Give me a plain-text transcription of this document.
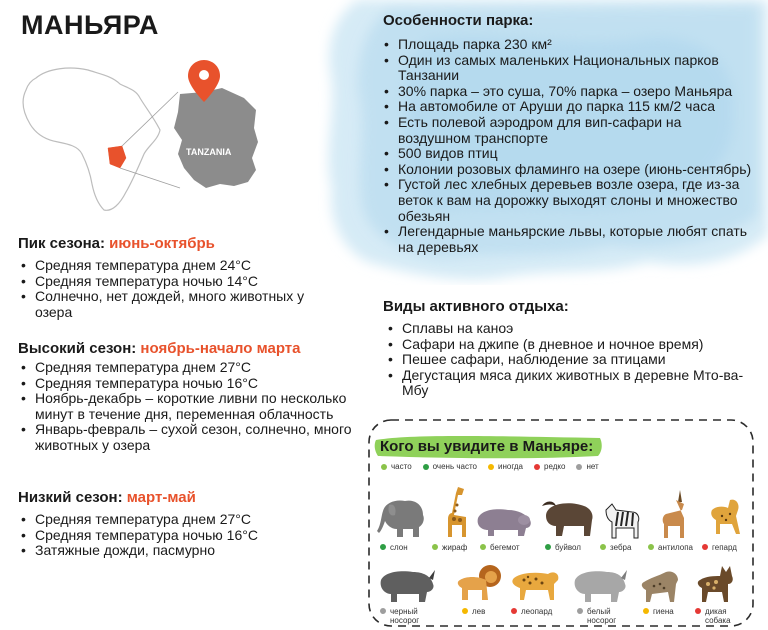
МАНЬЯРА
TANZANIA
Пик сезона: июнь-октябрь
• Средняя температура днем 24°C
• Средняя температура ночью 14°C
• Солнечно, нет дождей, много животных у озера
Высокий сезон: ноябрь-начало марта
• Средняя температура днем 27°C
• Средняя температура ночью 16°C
• Ноябрь-декабрь – короткие ливни по несколько минут в течение дня, переменная облачность
• Январь-февраль – сухой сезон, солнечно, много животных у озера
Низкий сезон: март-май
• Средняя температура днем 27°C
• Средняя температура ночью 16°C
• Затяжные дожди, пасмурно
Особенности парка:
• Площадь парка 230 км²
• Один из самых маленьких Национальных парков Танзании
• 30% парка – это суша, 70% парка – озеро Маньяра
• На автомобиле от Аруши до парка 115 км/2 часа
• Есть полевой аэродром для вип-сафари на воздушном транспорте
• 500 видов птиц
• Колонии розовых фламинго на озере (июнь-сентябрь)
• Густой лес хлебных деревьев возле озера, где из-за веток к вам на дорожку выходят слоны и множество обезьян
• Легендарные маньярские львы, которые любят спать на деревьях
Виды активного отдыха:
• Сплавы на каноэ
• Сафари на джипе (в дневное и ночное время)
• Пешее сафари, наблюдение за птицами
• Дегустация мяса диких животных в деревне Мто-ва-Мбу
Кого вы увидите в Маньяре:
часто	очень часто	иногда	редко	нет
слон	жираф	бегемот	буйвол	зебра	антилопа гепард
черный носорог
лев	леопард	белый носорог
гиена	дикая собака
